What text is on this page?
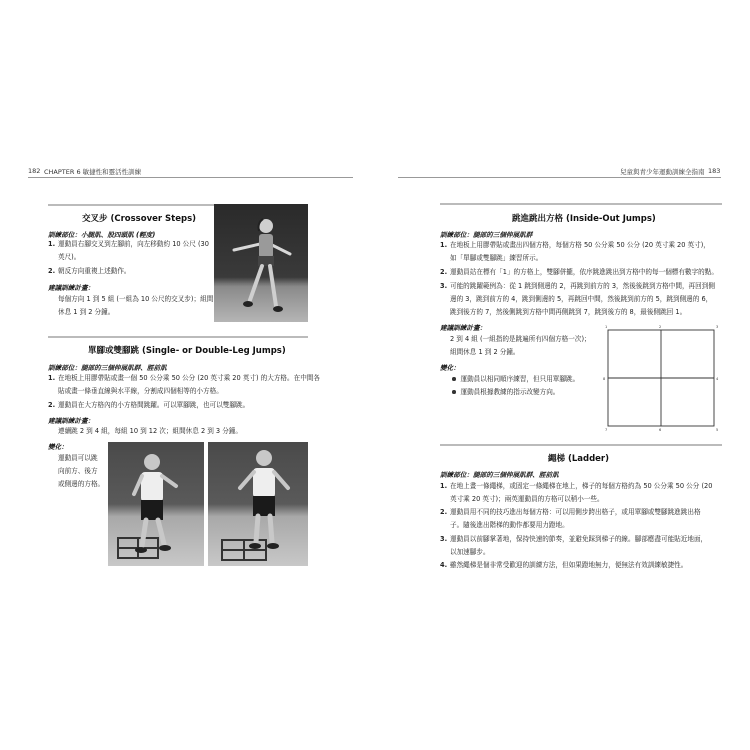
182 CHAPTER 6 敏捷性和靈活性訓練	兒童與青少年運動訓練全指南 183
交叉步 (Crossover Steps)
訓練部位：小腿肌、股四頭肌 (輕度)
1. 運動員右腳交叉到左腳前，向左移動約 10 公尺 (30
英尺)。
2. 朝反方向重複上述動作。
建議訓練計畫：
每個方向 1 到 5 組 (一組為 10 公尺的交叉步)；組間
休息 1 到 2 分鐘。
單腳或雙腳跳 (Single- or Double-Leg Jumps)
訓練部位：腿部的三個伸展肌群、脛前肌
1. 在地板上用膠帶貼或畫一個 50 公分乘 50 公分 (20 英寸乘 20 英寸) 的大方格。在中間各
貼或畫一條垂直線與水平線，分割成四個相等的小方格。
2. 運動員在大方格內的小方格間跳躍。可以單腳跳，也可以雙腳跳。
建議訓練計畫：
連續跳 2 到 4 組，每組 10 到 12 次；組間休息 2 到 3 分鐘。
變化：
運動員可以跳
向前方、後方
或側邊的方格。
跳進跳出方格 (Inside-Out Jumps)
訓練部位：腿部的三個伸展肌群
1. 在地板上用膠帶貼或畫出四個方格，每個方格 50 公分乘 50 公分 (20 英寸乘 20 英寸)，
如「單腳或雙腳跳」練習所示。
2. 運動員站在標有「1」的方格上，雙腳併攏，依序跳進跳出到方格中的每一個標有數字的點。
3. 可能的跳躍範例為：從 1 跳到側邊的 2，再跳到前方的 3，然後後跳到方格中間，再回到側
邊的 3，跳到前方的 4，跳到側邊的 5，再跳回中間，然後跳到前方的 5，跳到側邊的 6，
跳到後方的 7，然後側跳到方格中間再側跳到 7，跳到後方的 8，最後側跳回 1。
建議訓練計畫：
2 到 4 組 (一組指的是跳遍所有四個方格一次)；
組間休息 1 到 2 分鐘。
變化：
運動員以相同順序練習，但只用單腳跳。
運動員根據教練的指示改變方向。
1	2	3
4
5
6
7
8
繩梯 (Ladder)
訓練部位：腿部的三個伸展肌群、脛前肌
1. 在地上畫一條繩梯，或固定一條繩梯在地上，梯子的每個方格約為 50 公分乘 50 公分 (20
英寸乘 20 英寸)；兩英運動員的方格可以稍小一些。
2. 運動員用不同的技巧進出每個方格：可以用側步跨出格子，或用單腳或雙腳跳進跳出格
子。隨後進出階梯的動作都要用力蹬地。
3. 運動員以前腳掌著地，保持快速的節奏，並避免踩到梯子的線。腳部應盡可能貼近地面，
以加速腳步。
4. 雖然繩梯是個非常受歡迎的訓練方法，但如果蹬地無力，便無法有效訓練敏捷性。
